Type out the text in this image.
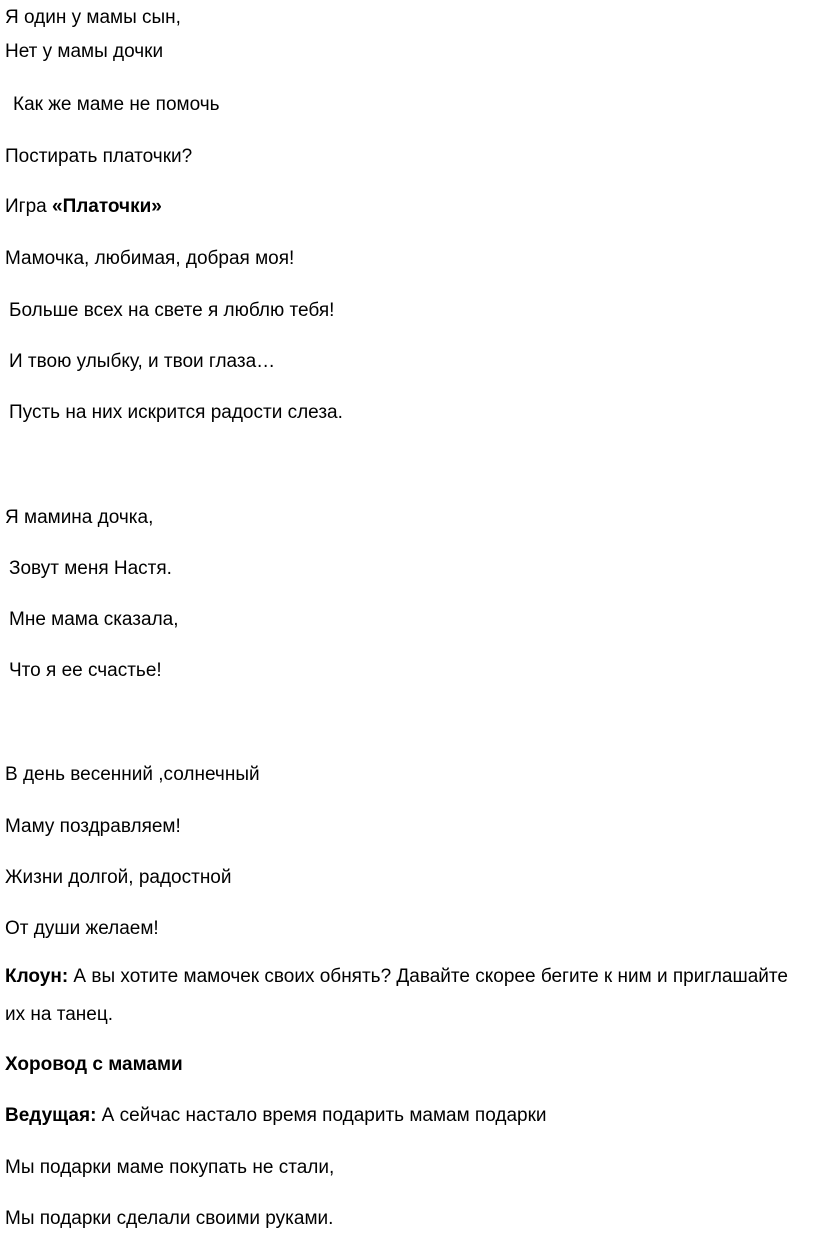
Я один у мамы сын,

Нет у мамы дочки

Как же маме не помочь

Постирать платочки?

Игра «Платочки»

Мамочка, любимая, добрая моя!

Больше всех на свете я люблю тебя!

И твою улыбку, и твои глаза…

Пусть на них искрится радости слеза.

Я мамина дочка,

Зовут меня Настя.

Мне мама сказала,

Что я ее счастье!

В день весенний ,солнечный

Маму поздравляем!

Жизни долгой, радостной

От души желаем!

Клоун: А вы хотите мамочек своих обнять? Давайте скорее бегите к ним и приглашайте их на танец.

Хоровод с мамами

Ведущая: А сейчас настало время подарить мамам подарки

Мы подарки маме покупать не стали,

Мы подарки сделали своими руками.
